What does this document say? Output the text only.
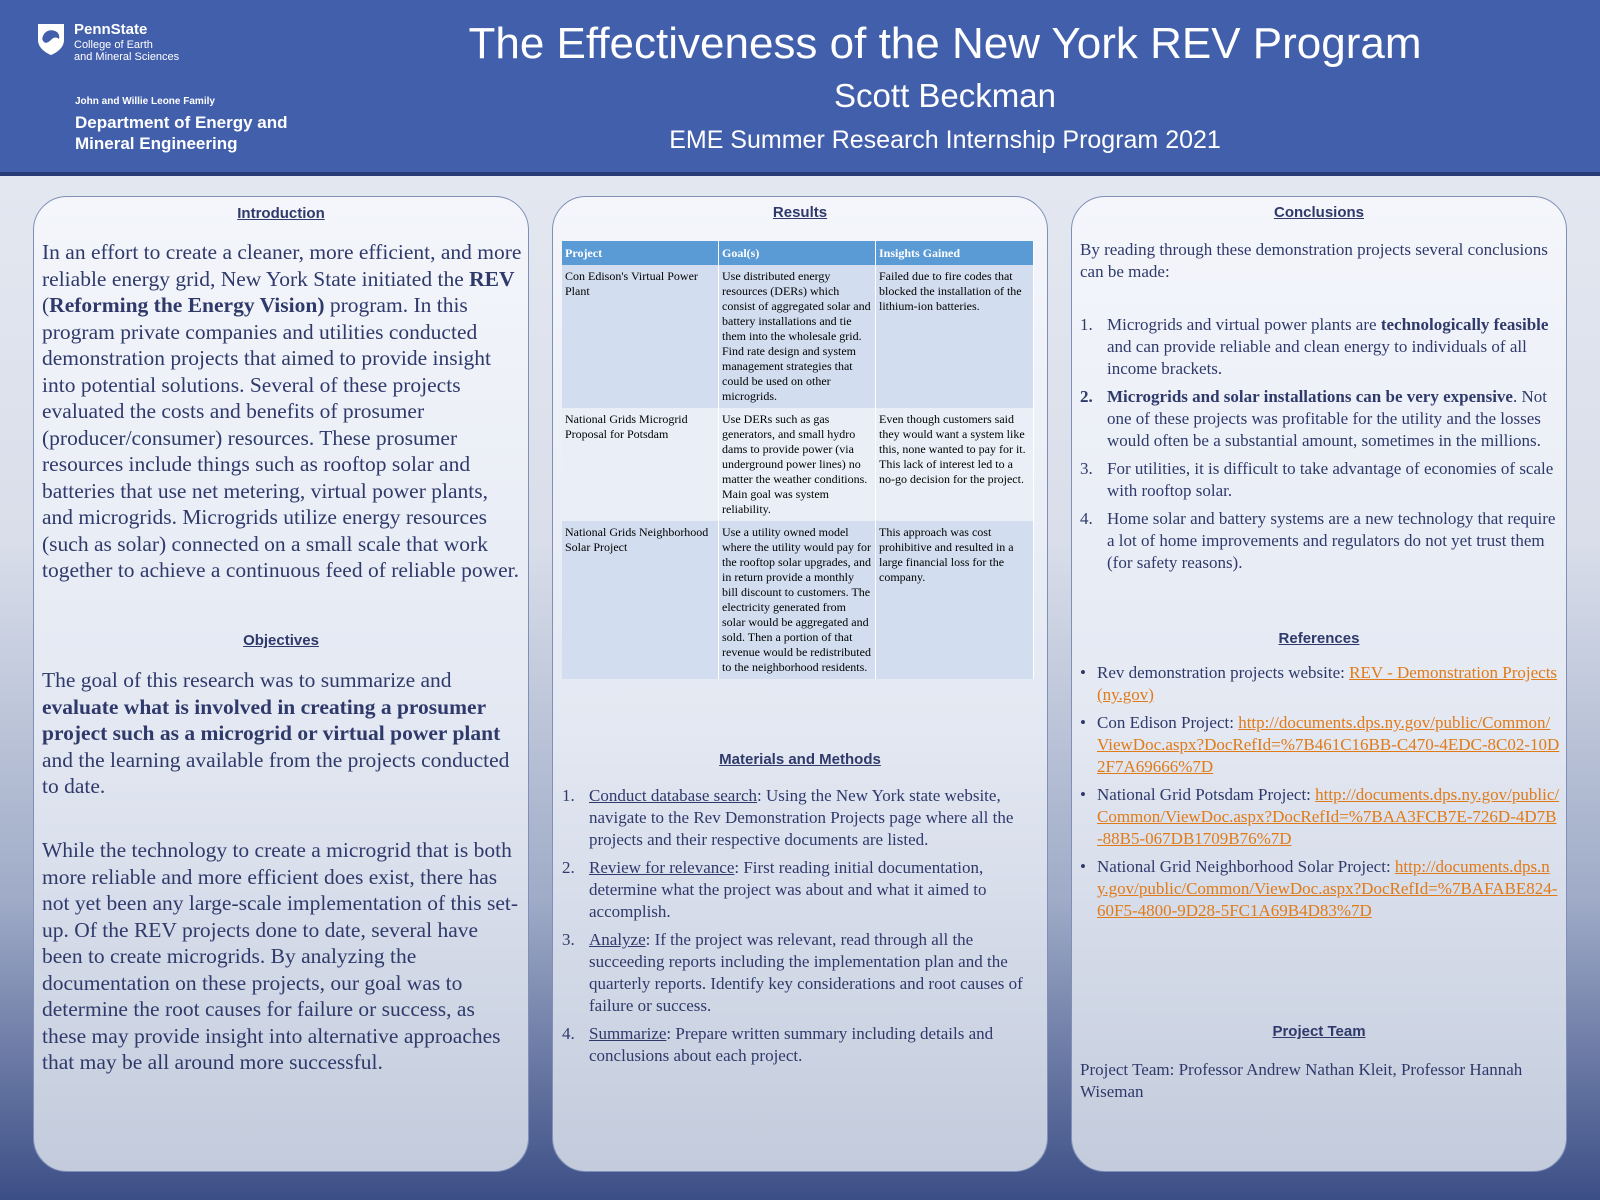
PennState
College of Earth
and Mineral Sciences
John and Willie Leone Family
Department of Energy and Mineral Engineering
The Effectiveness of the New York REV Program
Scott Beckman
EME Summer Research Internship Program 2021
Introduction
In an effort to create a cleaner, more efficient, and more reliable energy grid, New York State initiated the REV (Reforming the Energy Vision) program. In this program private companies and utilities conducted demonstration projects that aimed to provide insight into potential solutions. Several of these projects evaluated the costs and benefits of prosumer (producer/consumer) resources. These prosumer resources include things such as rooftop solar and batteries that use net metering, virtual power plants, and microgrids. Microgrids utilize energy resources (such as solar) connected on a small scale that work together to achieve a continuous feed of reliable power.
Objectives
The goal of this research was to summarize and evaluate what is involved in creating a prosumer project such as a microgrid or virtual power plant and the learning available from the projects conducted to date.
While the technology to create a microgrid that is both more reliable and more efficient does exist, there has not yet been any large-scale implementation of this set-up. Of the REV projects done to date, several have been to create microgrids. By analyzing the documentation on these projects, our goal was to determine the root causes for failure or success, as these may provide insight into alternative approaches that may be all around more successful.
Results
Project	Goal(s)	Insights Gained
Con Edison's Virtual Power Plant	Use distributed energy resources (DERs) which consist of aggregated solar and battery installations and tie them into the wholesale grid. Find rate design and system management strategies that could be used on other microgrids.	Failed due to fire codes that blocked the installation of the lithium-ion batteries.
National Grids Microgrid Proposal for Potsdam	Use DERs such as gas generators, and small hydro dams to provide power (via underground power lines) no matter the weather conditions. Main goal was system reliability.	Even though customers said they would want a system like this, none wanted to pay for it. This lack of interest led to a no-go decision for the project.
National Grids Neighborhood Solar Project	Use a utility owned model where the utility would pay for the rooftop solar upgrades, and in return provide a monthly bill discount to customers. The electricity generated from solar would be aggregated and sold. Then a portion of that revenue would be redistributed to the neighborhood residents.	This approach was cost prohibitive and resulted in a large financial loss for the company.
Materials and Methods
1. Conduct database search: Using the New York state website, navigate to the Rev Demonstration Projects page where all the projects and their respective documents are listed.
2. Review for relevance: First reading initial documentation, determine what the project was about and what it aimed to accomplish.
3. Analyze: If the project was relevant, read through all the succeeding reports including the implementation plan and the quarterly reports. Identify key considerations and root causes of failure or success.
4. Summarize: Prepare written summary including details and conclusions about each project.
Conclusions
By reading through these demonstration projects several conclusions can be made:
1. Microgrids and virtual power plants are technologically feasible and can provide reliable and clean energy to individuals of all income brackets.
2. Microgrids and solar installations can be very expensive. Not one of these projects was profitable for the utility and the losses would often be a substantial amount, sometimes in the millions.
3. For utilities, it is difficult to take advantage of economies of scale with rooftop solar.
4. Home solar and battery systems are a new technology that require a lot of home improvements and regulators do not yet trust them (for safety reasons).
References
• Rev demonstration projects website: REV - Demonstration Projects (ny.gov)
• Con Edison Project: http://documents.dps.ny.gov/public/Common/ViewDoc.aspx?DocRefId=%7B461C16BB-C470-4EDC-8C02-10D2F7A69666%7D
• National Grid Potsdam Project: http://documents.dps.ny.gov/public/Common/ViewDoc.aspx?DocRefId=%7BAA3FCB7E-726D-4D7B-88B5-067DB1709B76%7D
• National Grid Neighborhood Solar Project: http://documents.dps.ny.gov/public/Common/ViewDoc.aspx?DocRefId=%7BAFABE824-60F5-4800-9D28-5FC1A69B4D83%7D
Project Team
Project Team: Professor Andrew Nathan Kleit, Professor Hannah Wiseman
